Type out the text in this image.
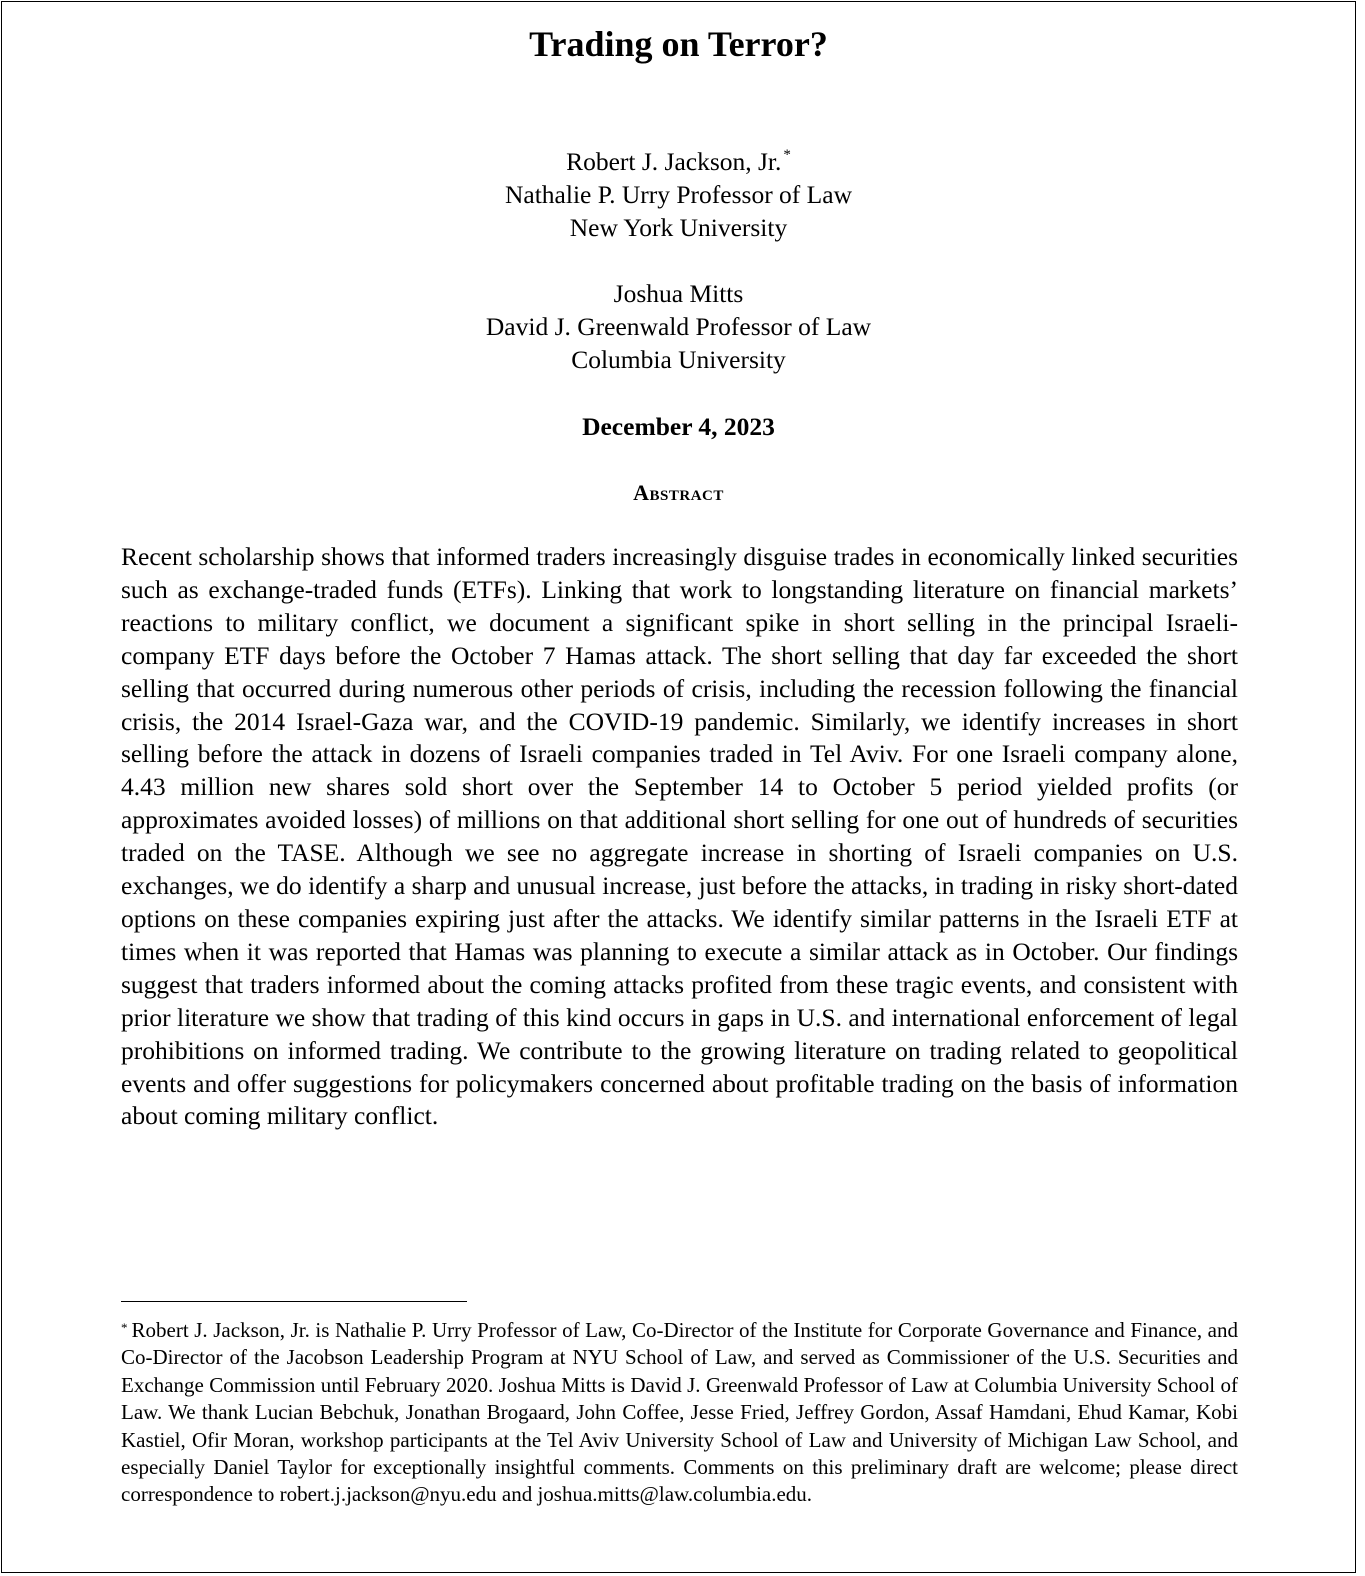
Trading on Terror?
Robert J. Jackson, Jr. *
Nathalie P. Urry Professor of Law
New York University
Joshua Mitts
David J. Greenwald Professor of Law
Columbia University
December 4, 2023
Abstract

Recent scholarship shows that informed traders increasingly disguise trades in economically linked securities such as exchange-traded funds (ETFs). Linking that work to longstanding literature on financial markets’ reactions to military conflict, we document a significant spike in short selling in the principal Israeli-company ETF days before the October 7 Hamas attack. The short selling that day far exceeded the short selling that occurred during numerous other periods of crisis, including the recession following the financial crisis, the 2014 Israel-Gaza war, and the COVID-19 pandemic. Similarly, we identify increases in short selling before the attack in dozens of Israeli companies traded in Tel Aviv. For one Israeli company alone, 4.43 million new shares sold short over the September 14 to October 5 period yielded profits (or approximates avoided losses) of millions on that additional short selling for one out of hundreds of securities traded on the TASE. Although we see no aggregate increase in shorting of Israeli companies on U.S. exchanges, we do identify a sharp and unusual increase, just before the attacks, in trading in risky short-dated options on these companies expiring just after the attacks. We identify similar patterns in the Israeli ETF at times when it was reported that Hamas was planning to execute a similar attack as in October. Our findings suggest that traders informed about the coming attacks profited from these tragic events, and consistent with prior literature we show that trading of this kind occurs in gaps in U.S. and international enforcement of legal prohibitions on informed trading. We contribute to the growing literature on trading related to geopolitical events and offer suggestions for policymakers concerned about profitable trading on the basis of information about coming military conflict.

* Robert J. Jackson, Jr. is Nathalie P. Urry Professor of Law, Co-Director of the Institute for Corporate Governance and Finance, and Co-Director of the Jacobson Leadership Program at NYU School of Law, and served as Commissioner of the U.S. Securities and Exchange Commission until February 2020. Joshua Mitts is David J. Greenwald Professor of Law at Columbia University School of Law. We thank Lucian Bebchuk, Jonathan Brogaard, John Coffee, Jesse Fried, Jeffrey Gordon, Assaf Hamdani, Ehud Kamar, Kobi Kastiel, Ofir Moran, workshop participants at the Tel Aviv University School of Law and University of Michigan Law School, and especially Daniel Taylor for exceptionally insightful comments. Comments on this preliminary draft are welcome; please direct correspondence to robert.j.jackson@nyu.edu and joshua.mitts@law.columbia.edu.
